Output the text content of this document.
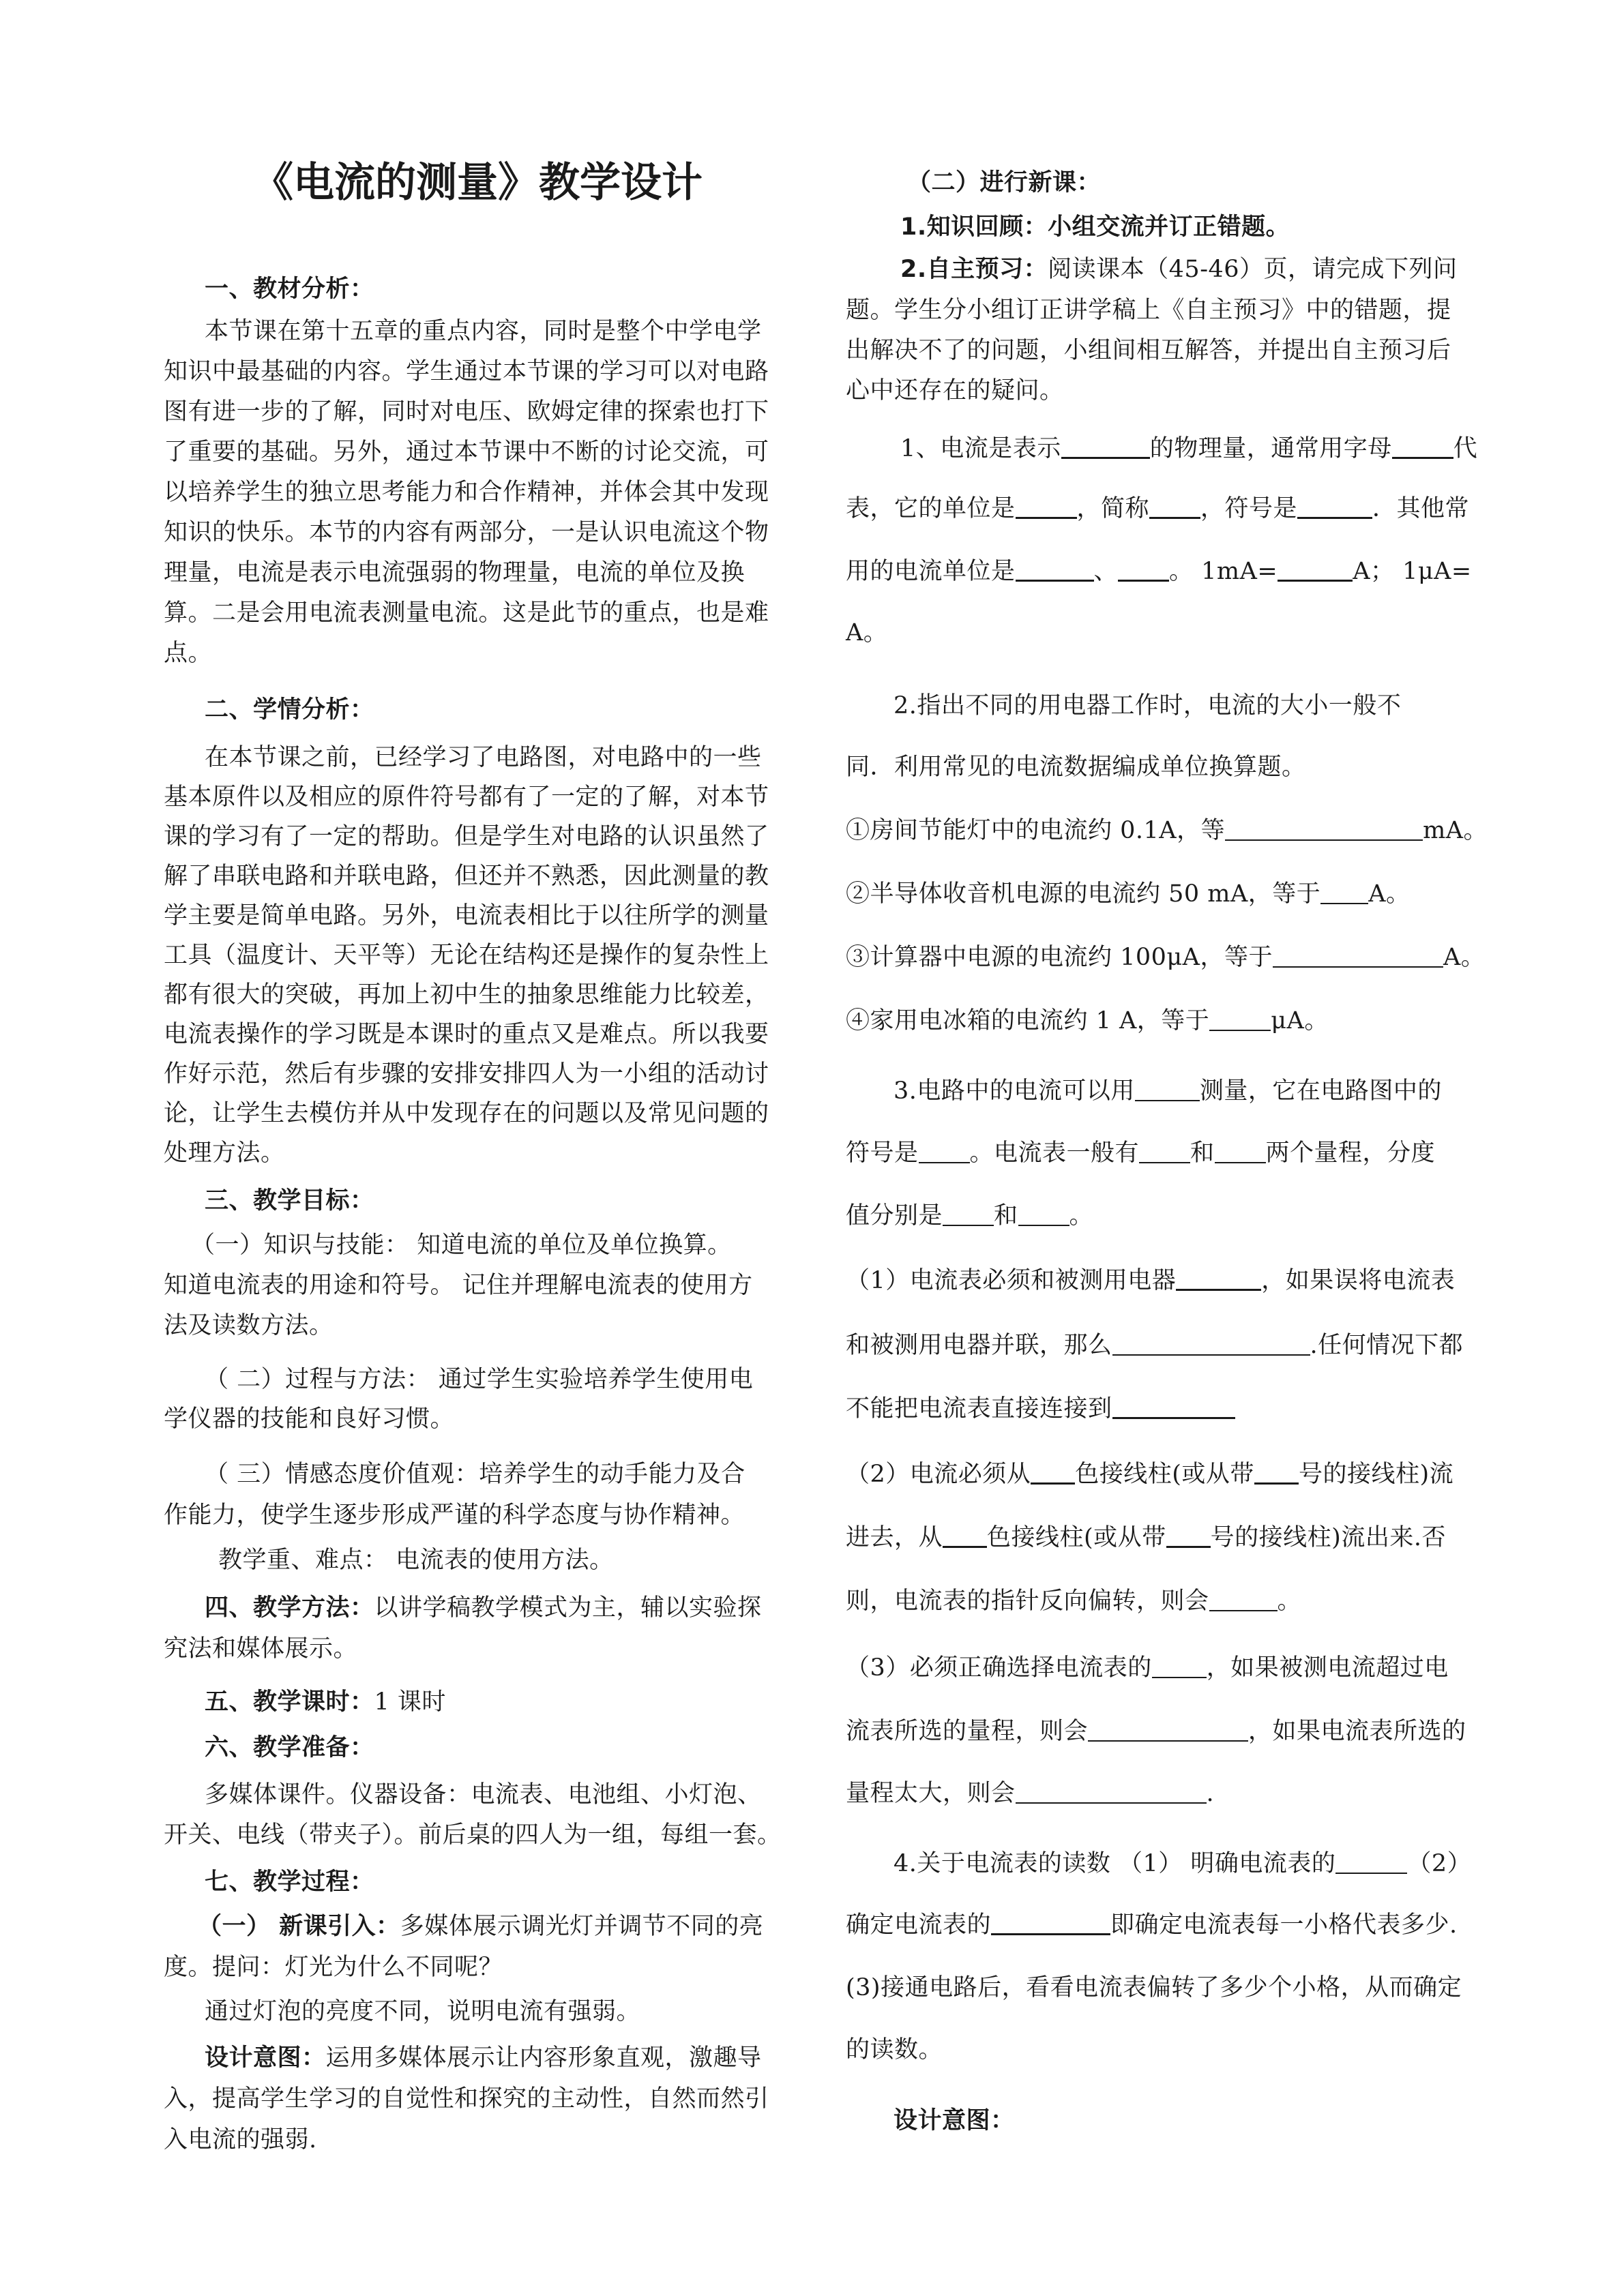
《电流的测量》教学设计

一、教材分析：

本节课在第十五章的重点内容，同时是整个中学电学

知识中最基础的内容。学生通过本节课的学习可以对电路

图有进一步的了解，同时对电压、欧姆定律的探索也打下

了重要的基础。另外，通过本节课中不断的讨论交流，可

以培养学生的独立思考能力和合作精神，并体会其中发现

知识的快乐。本节的内容有两部分，一是认识电流这个物

理量，电流是表示电流强弱的物理量，电流的单位及换

算。二是会用电流表测量电流。这是此节的重点，也是难

点。

二、学情分析：

在本节课之前，已经学习了电路图，对电路中的一些

基本原件以及相应的原件符号都有了一定的了解，对本节

课的学习有了一定的帮助。但是学生对电路的认识虽然了

解了串联电路和并联电路，但还并不熟悉，因此测量的教

学主要是简单电路。另外，电流表相比于以往所学的测量

工具（温度计、天平等）无论在结构还是操作的复杂性上

都有很大的突破，再加上初中生的抽象思维能力比较差，

电流表操作的学习既是本课时的重点又是难点。所以我要

作好示范，然后有步骤的安排安排四人为一小组的活动讨

论，让学生去模仿并从中发现存在的问题以及常见问题的

处理方法。

三、教学目标：

（一）知识与技能： 知道电流的单位及单位换算。

知道电流表的用途和符号。 记住并理解电流表的使用方

法及读数方法。

（ 二）过程与方法： 通过学生实验培养学生使用电

学仪器的技能和良好习惯。

（ 三）情感态度价值观：培养学生的动手能力及合

作能力，使学生逐步形成严谨的科学态度与协作精神。

教学重、难点： 电流表的使用方法。

四、教学方法：以讲学稿教学模式为主，辅以实验探

究法和媒体展示。

五、教学课时：1 课时

六、教学准备：

多媒体课件。仪器设备：电流表、电池组、小灯泡、

开关、电线（带夹子）。前后桌的四人为一组，每组一套。

七、教学过程：

（一） 新课引入：多媒体展示调光灯并调节不同的亮

度。提问：灯光为什么不同呢？

通过灯泡的亮度不同，说明电流有强弱。

设计意图：运用多媒体展示让内容形象直观，激趣导

入，提高学生学习的自觉性和探究的主动性，自然而然引

入电流的强弱.

（二）进行新课：

1.知识回顾：小组交流并订正错题。

2.自主预习：阅读课本（45-46）页，请完成下列问

题。学生分小组订正讲学稿上《自主预习》中的错题，提

出解决不了的问题，小组间相互解答，并提出自主预习后

心中还存在的疑问。

1、电流是表示	的物理量，通常用字母	代

表，它的单位是	，简称 ，符号是	．其他常

用的电流单位是	、 。 1mA=	A； 1μA=

A。

2.指出不同的用电器工作时，电流的大小一般不

同．利用常见的电流数据编成单位换算题。

①房间节能灯中的电流约 0.1A，等	mA。

②半导体收音机电源的电流约 50 mA，等于 A。

③计算器中电源的电流约 100μA，等于	A。

④家用电冰箱的电流约 1 A，等于	μA。

3.电路中的电流可以用	测量，它在电路图中的

符号是 。电流表一般有 和 两个量程，分度

值分别是 和 。

（1）电流表必须和被测用电器	，如果误将电流表

和被测用电器并联，那么	.任何情况下都

不能把电流表直接连接到

（2）电流必须从 色接线柱(或从带 号的接线柱)流

进去，从 色接线柱(或从带 号的接线柱)流出来.否

则，电流表的指针反向偏转，则会	。

（3）必须正确选择电流表的 ，如果被测电流超过电

流表所选的量程，则会	，如果电流表所选的

量程太大，则会	.

4.关于电流表的读数 （1） 明确电流表的	（2）

确定电流表的	即确定电流表每一小格代表多少.

(3)接通电路后，看看电流表偏转了多少个小格，从而确定

的读数。

设计意图：
